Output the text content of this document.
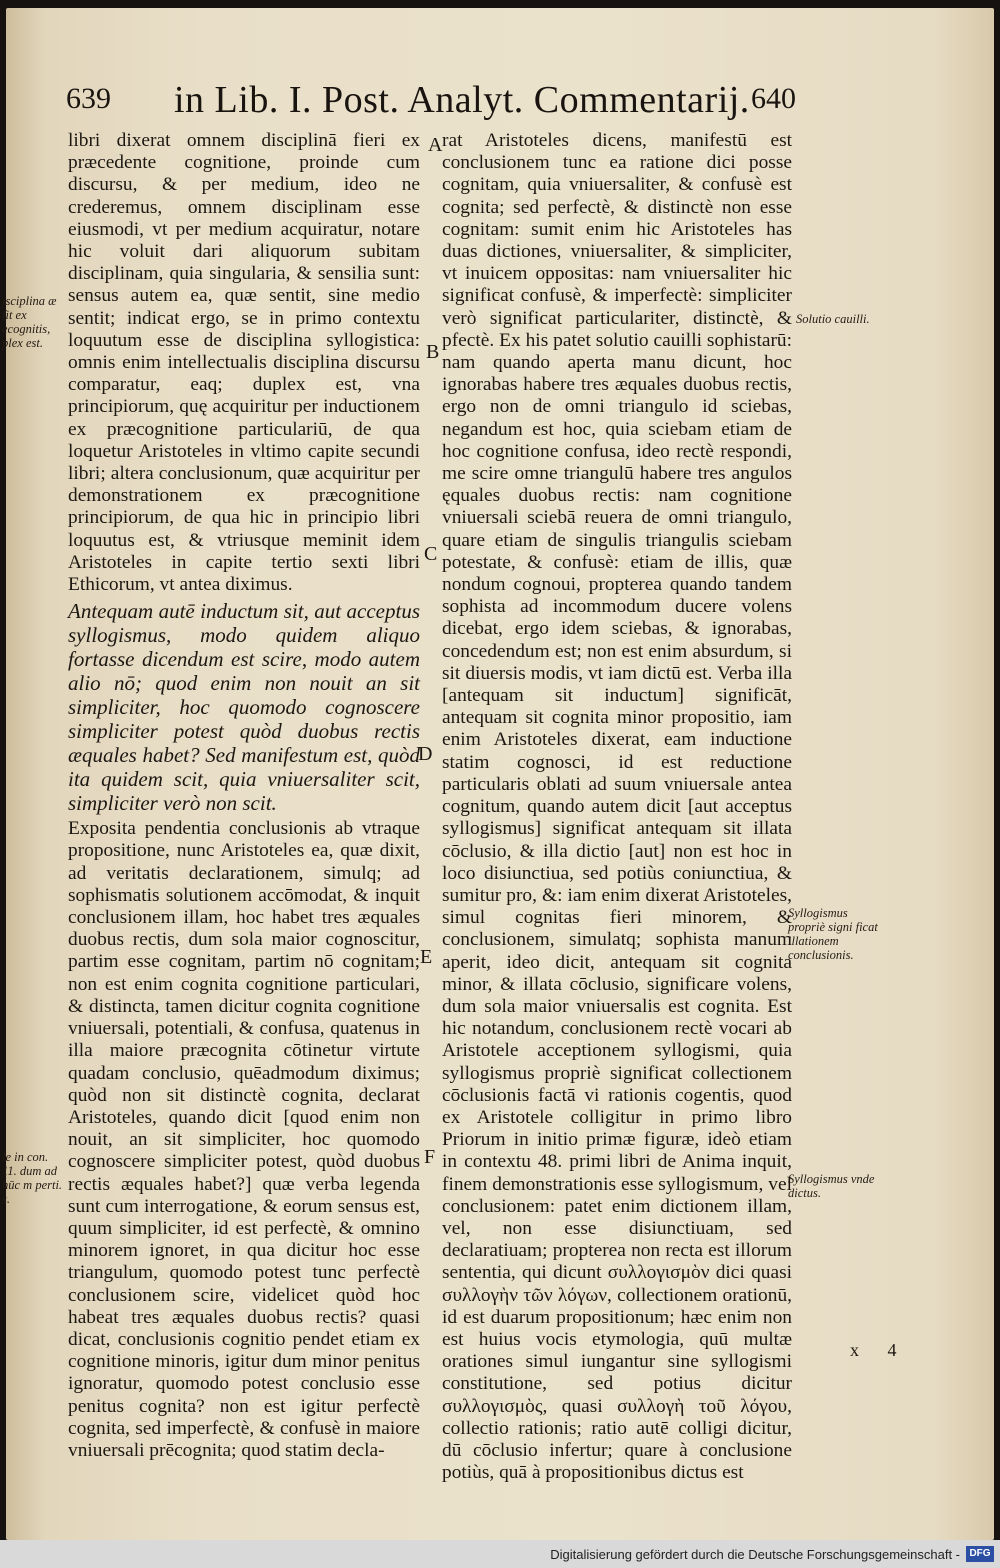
639 in Lib. I. Post. Analyt. Commentarij. 640

libri dixerat omnem disciplinā fieri ex præcedente cognitione, proinde cum discursu, & per medium, ideo ne crederemus, omnem disciplinam esse eiusmodi, vt per medium acquiratur, notare hic voluit dari aliquorum subitam disciplinam, quia singularia, & sensilia sunt: sensus autem ea, quæ sentit, sine medio sentit; indicat ergo, se in primo contextu loquutum esse de disciplina syllogistica: omnis enim intellectualis disciplina discursu comparatur, eaq; duplex est, vna principiorum, quę acquiritur per inductionem ex præcognitione particulariū, de qua loquetur Aristoteles in vltimo capite secundi libri; altera conclusionum, quæ acquiritur per demonstrationem ex præcognitione principiorum, de qua hic in principio libri loquutus est, & vtriusque meminit idem Aristoteles in capite tertio sexti libri Ethicorum, vt antea diximus.

Antequam autē inductum sit, aut acceptus syllogismus, modo quidem aliquo fortasse dicendum est scire, modo autem alio nō; quod enim non nouit an sit simpliciter, hoc quomodo cognoscere simpliciter potest quòd duobus rectis æquales habet? Sed manifestum est, quòd ita quidem scit, quia vniuersaliter scit, simpliciter verò non scit.

Exposita pendentia conclusionis ab vtraque propositione, nunc Aristoteles ea, quæ dixit, ad veritatis declarationem, simulq; ad sophismatis solutionem accōmodat, & inquit conclusionem illam, hoc habet tres æquales duobus rectis, dum sola maior cognoscitur, partim esse cognitam, partim nō cognitam; non est enim cognita cognitione particulari, & distincta, tamen dicitur cognita cognitione vniuersali, potentiali, & confusa, quatenus in illa maiore præcognita cōtinetur virtute quadam conclusio, quēadmodum diximus; quòd non sit distinctè cognita, declarat Aristoteles, quando dicit [quod enim non nouit, an sit simpliciter, hoc quomodo cognoscere simpliciter potest, quòd duobus rectis æquales habet?] quæ verba legenda sunt cum interrogatione, & eorum sensus est, quum simpliciter, id est perfectè, & omnino minorem ignoret, in qua dicitur hoc esse triangulum, quomodo potest tunc perfectè conclusionem scire, videlicet quòd hoc habeat tres æquales duobus rectis? quasi dicat, conclusionis cognitio pendet etiam ex cognitione minoris, igitur dum minor penitus ignoratur, quomodo potest conclusio esse penitus cognita? non est igitur perfectè cognita, sed imperfectè, & confusè in maiore vniuersali prēcognita; quod statim decla-

rat Aristoteles dicens, manifestū est conclusionem tunc ea ratione dici posse cognitam, quia vniuersaliter, & confusè est cognita; sed perfectè, & distinctè non esse cognitam: sumit enim hic Aristoteles has duas dictiones, vniuersaliter, & simpliciter, vt inuicem oppositas: nam vniuersaliter hic significat confusè, & imperfectè: simpliciter verò significat particulariter, distinctè, & pfectè. Ex his patet solutio cauilli sophistarū: nam quando aperta manu dicunt, hoc ignorabas habere tres æquales duobus rectis, ergo non de omni triangulo id sciebas, negandum est hoc, quia sciebam etiam de hoc cognitione confusa, ideo rectè respondi, me scire omne triangulū habere tres angulos ęquales duobus rectis: nam cognitione vniuersali sciebā reuera de omni triangulo, quare etiam de singulis triangulis sciebam potestate, & confusè: etiam de illis, quæ nondum cognoui, propterea quando tandem sophista ad incommodum ducere volens dicebat, ergo idem sciebas, & ignorabas, concedendum est; non est enim absurdum, si sit diuersis modis, vt iam dictū est. Verba illa [antequam sit inductum] significāt, antequam sit cognita minor propositio, iam enim Aristoteles dixerat, eam inductione statim cognosci, id est reductione particularis oblati ad suum vniuersale antea cognitum, quando autem dicit [aut acceptus syllogismus] significat antequam sit illata cōclusio, & illa dictio [aut] non est hoc in loco disiunctiua, sed potiùs coniunctiua, & sumitur pro, &: iam enim dixerat Aristoteles, simul cognitas fieri minorem, & conclusionem, simulatq; sophista manum aperit, ideo dicit, antequam sit cognita minor, & illata cōclusio, significare volens, dum sola maior vniuersalis est cognita. Est hic notandum, conclusionem rectè vocari ab Aristotele acceptionem syllogismi, quia syllogismus propriè significat collectionem cōclusionis factā vi rationis cogentis, quod ex Aristotele colligitur in primo libro Priorum in initio primæ figuræ, ideò etiam in contextu 48. primi libri de Anima inquit, finem demonstrationis esse syllogismum, vel conclusionem: patet enim dictionem illam, vel, non esse disiunctiuam, sed declaratiuam; propterea non recta est illorum sententia, qui dicunt συλλογισμὸν dici quasi συλλογὴν τῶν λόγων, collectionem orationū, id est duarum propositionum; hæc enim non est huius vocis etymologia, quū multæ orationes simul iungantur sine syllogismi constitutione, sed potius dicitur συλλογισμὸς, quasi συλλογὴ τοῦ λόγου, collectio rationis; ratio autē colligi dicitur, dū cōclusio infertur; quare à conclusione potiùs, quā à propositionibus dictus est

A
B
C
D
E
F
isciplina æ fit ex ecognitis, plex est.
le in con. 11. dum ad hūc m perti. s.
Solutio cauilli.
Syllogismus propriè signi ficat illationem conclusionis.
Syllogismus vnde dictus.
x 4
Digitalisierung gefördert durch die Deutsche Forschungsgemeinschaft - DFG
